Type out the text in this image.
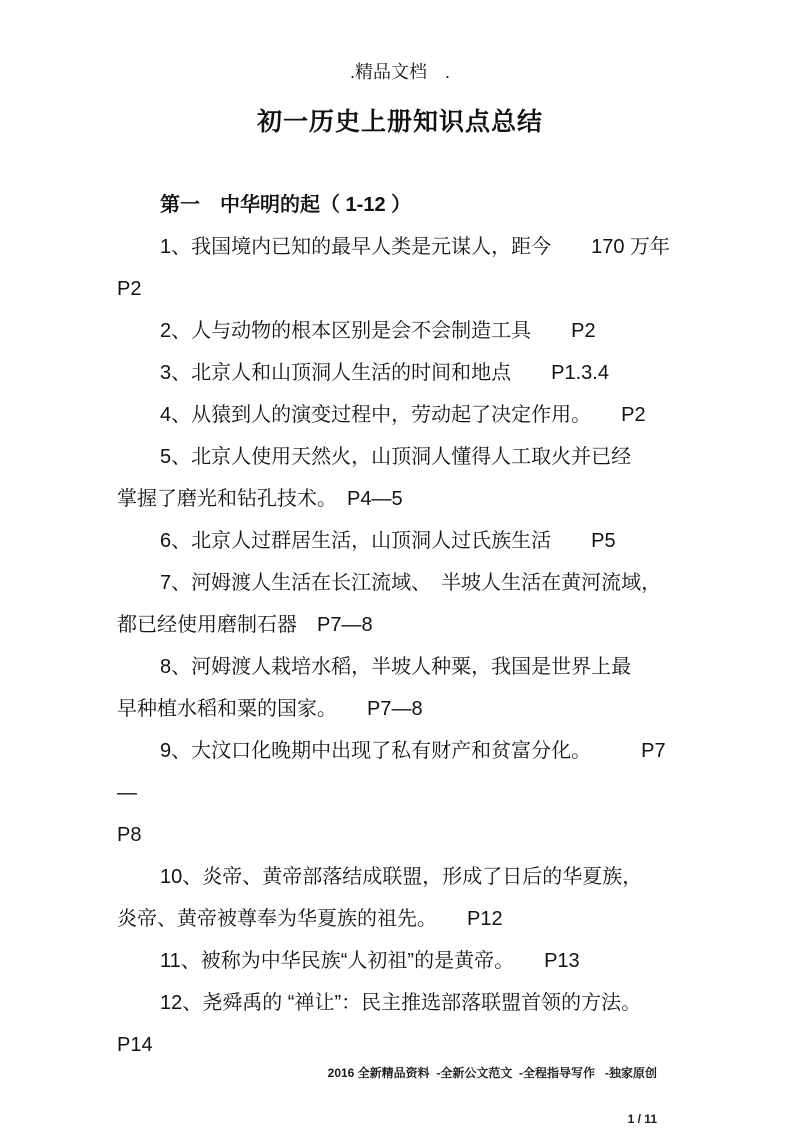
.精品文档　.
初一历史上册知识点总结
第一　中华明的起（ 1-12 ）
1、我国境内已知的最早人类是元谋人，距今　　170 万年
P2
2、人与动物的根本区别是会不会制造工具　　P2
3、北京人和山顶洞人生活的时间和地点　　P1.3.4
4、从猿到人的演变过程中，劳动起了决定作用。　　P2
5、北京人使用天然火，山顶洞人懂得人工取火并已经
掌握了磨光和钻孔技术。　P4—5
6、北京人过群居生活，山顶洞人过氏族生活　　P5
7、河姆渡人生活在长江流域、　半坡人生活在黄河流域，
都已经使用磨制石器　P7—8
8、河姆渡人栽培水稻，半坡人种粟，我国是世界上最
早种植水稻和粟的国家。　　P7—8
9、大汶口化晚期中出现了私有财产和贫富分化。　　　P7—
P8
10、炎帝、黄帝部落结成联盟，形成了日后的华夏族，
炎帝、黄帝被尊奉为华夏族的祖先。　　P12
11、被称为中华民族“人初祖”的是黄帝。　　P13
12、尧舜禹的 “禅让”：民主推选部落联盟首领的方法。
P14

2016 全新精品资料  -全新公文范文  -全程指导写作   -独家原创

1 / 11
